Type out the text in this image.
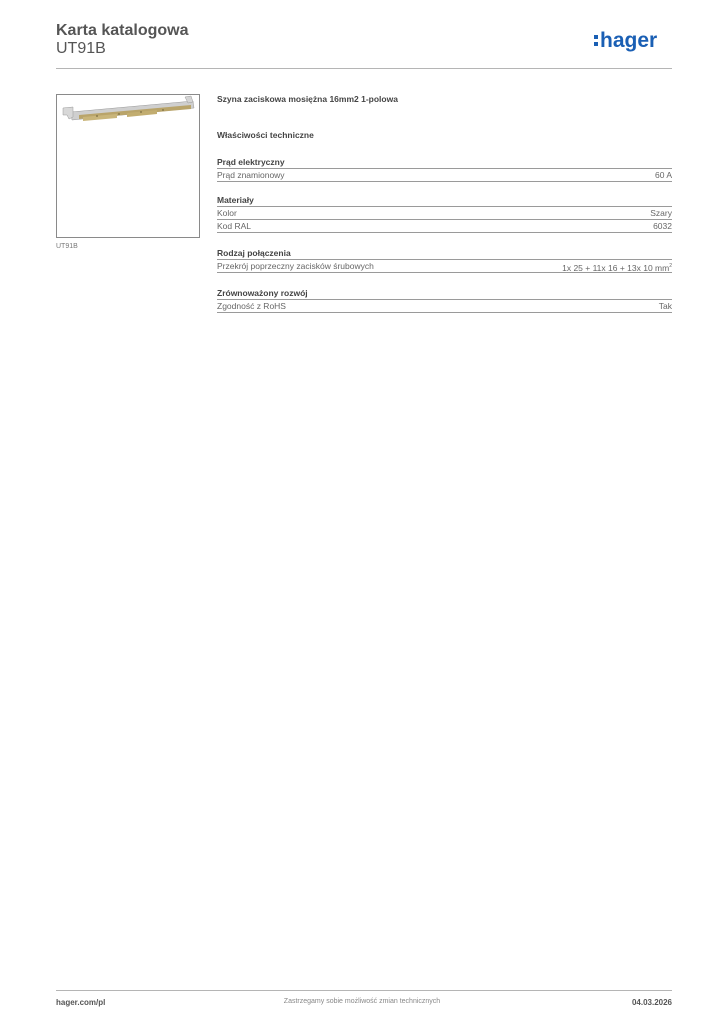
Karta katalogowa
UT91B	hager
UT91B
Szyna zaciskowa mosiężna 16mm2 1-polowa
Właściwości techniczne
Prąd elektryczny
Prąd znamionowy	60 A
Materiały
Kolor	Szary
Kod RAL	6032
Rodzaj połączenia
Przekrój poprzeczny zacisków śrubowych	1x 25 + 11x 16 + 13x 10 $mm^2$
Zrównoważony rozwój
Zgodność z RoHS	Tak
Zastrzegamy sobie możliwość zmian technicznych
hager.com/pl	04.03.2026
